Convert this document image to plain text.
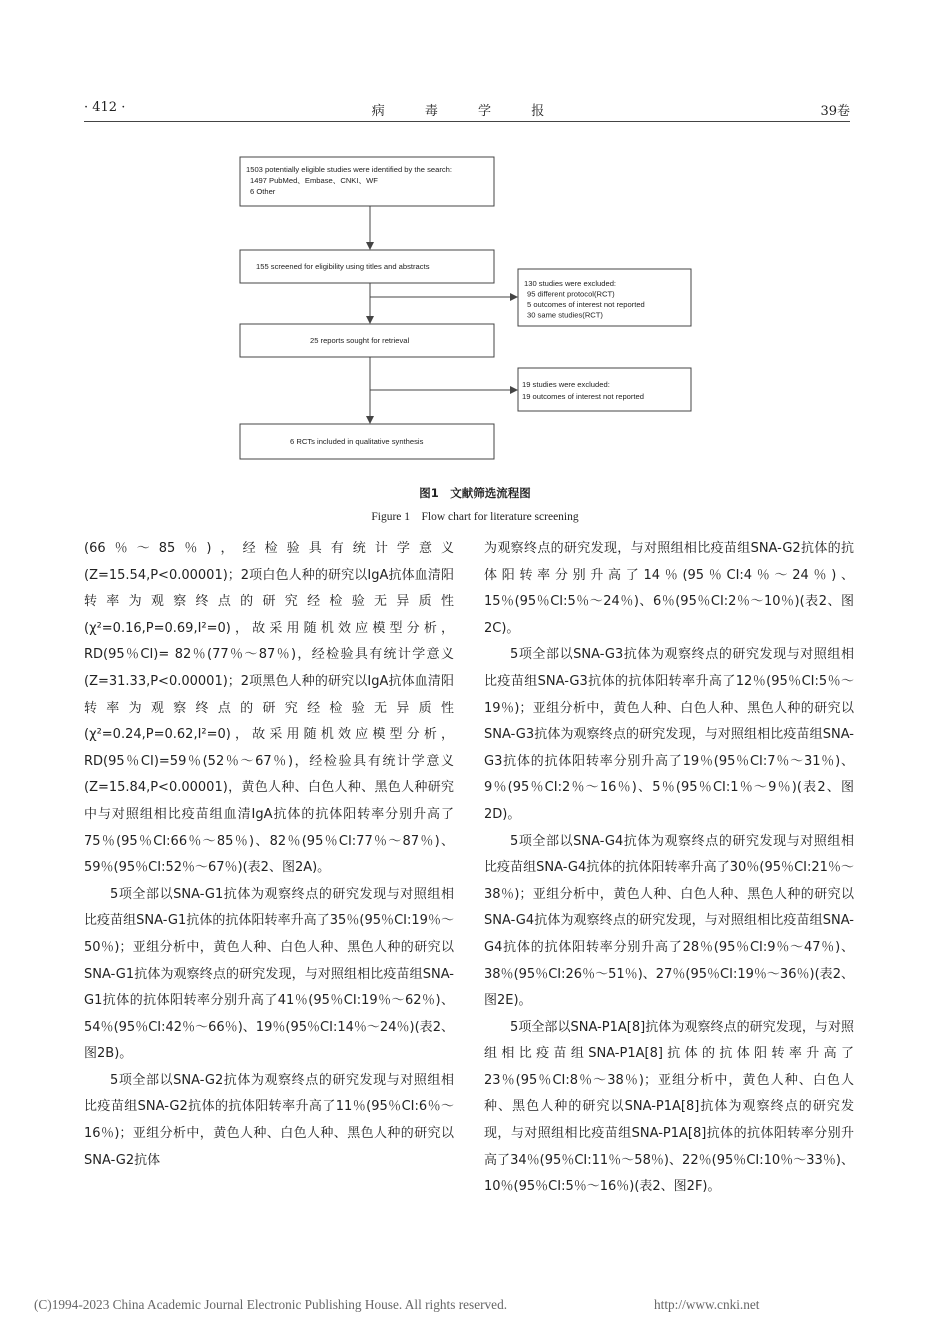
· 412 ·	病 毒 学 报	39卷
1503 potentially eligible studies were identified by the search: 1497 PubMed、Embase、CNKI、WF 6 Other
155 screened for eligibility using titles and abstracts
130 studies were excluded: 95 different protocol(RCT) 5 outcomes of interest not reported 30 same studies(RCT)
25 reports sought for retrieval
19 studies were excluded: 19 outcomes of interest not reported
6 RCTs included in qualitative synthesis
图1　文献筛选流程图
Figure 1　Flow chart for literature screening

(66％～85％)，经检验具有统计学意义(Z=15.54,P<0.00001)；2项白色人种的研究以IgA抗体血清阳转率为观察终点的研究经检验无异质性(χ²=0.16,P=0.69,I²=0)，故采用随机效应模型分析，RD(95％CI)= 82％(77％～87％)，经检验具有统计学意义(Z=31.33,P<0.00001)；2项黑色人种的研究以IgA抗体血清阳转率为观察终点的研究经检验无异质性(χ²=0.24,P=0.62,I²=0)，故采用随机效应模型分析，RD(95％CI)=59％(52％～67％)，经检验具有统计学意义(Z=15.84,P<0.00001)，黄色人种、白色人种、黑色人种研究中与对照组相比疫苗组血清IgA抗体的抗体阳转率分别升高了75％(95％CI:66％～85％)、82％(95％CI:77％～87％)、59％(95％CI:52％～67％)(表2、图2A)。

5项全部以SNA-G1抗体为观察终点的研究发现与对照组相比疫苗组SNA-G1抗体的抗体阳转率升高了35％(95％CI:19％～50％)；亚组分析中，黄色人种、白色人种、黑色人种的研究以SNA-G1抗体为观察终点的研究发现，与对照组相比疫苗组SNA-G1抗体的抗体阳转率分别升高了41％(95％CI:19％～62％)、54％(95％CI:42％～66％)、19％(95％CI:14％～24％)(表2、图2B)。

5项全部以SNA-G2抗体为观察终点的研究发现与对照组相比疫苗组SNA-G2抗体的抗体阳转率升高了11％(95％CI:6％～16％)；亚组分析中，黄色人种、白色人种、黑色人种的研究以SNA-G2抗体

为观察终点的研究发现，与对照组相比疫苗组SNA-G2抗体的抗体阳转率分别升高了14％(95％CI:4％～24％)、15％(95％CI:5％～24％)、6％(95％CI:2％～10％)(表2、图2C)。

5项全部以SNA-G3抗体为观察终点的研究发现与对照组相比疫苗组SNA-G3抗体的抗体阳转率升高了12％(95％CI:5％～19％)；亚组分析中，黄色人种、白色人种、黑色人种的研究以SNA-G3抗体为观察终点的研究发现，与对照组相比疫苗组SNA-G3抗体的抗体阳转率分别升高了19％(95％CI:7％～31％)、9％(95％CI:2％～16％)、5％(95％CI:1％～9％)(表2、图2D)。

5项全部以SNA-G4抗体为观察终点的研究发现与对照组相比疫苗组SNA-G4抗体的抗体阳转率升高了30％(95％CI:21％～38％)；亚组分析中，黄色人种、白色人种、黑色人种的研究以SNA-G4抗体为观察终点的研究发现，与对照组相比疫苗组SNA-G4抗体的抗体阳转率分别升高了28％(95％CI:9％～47％)、38％(95％CI:26％～51％)、27％(95％CI:19％～36％)(表2、图2E)。

5项全部以SNA-P1A[8]抗体为观察终点的研究发现，与对照组相比疫苗组SNA-P1A[8]抗体的抗体阳转率升高了23％(95％CI:8％～38％)；亚组分析中，黄色人种、白色人种、黑色人种的研究以SNA-P1A[8]抗体为观察终点的研究发现，与对照组相比疫苗组SNA-P1A[8]抗体的抗体阳转率分别升高了34％(95％CI:11％～58％)、22％(95％CI:10％～33％)、10％(95％CI:5％～16％)(表2、图2F)。

(C)1994-2023 China Academic Journal Electronic Publishing House. All rights reserved.	http://www.cnki.net
